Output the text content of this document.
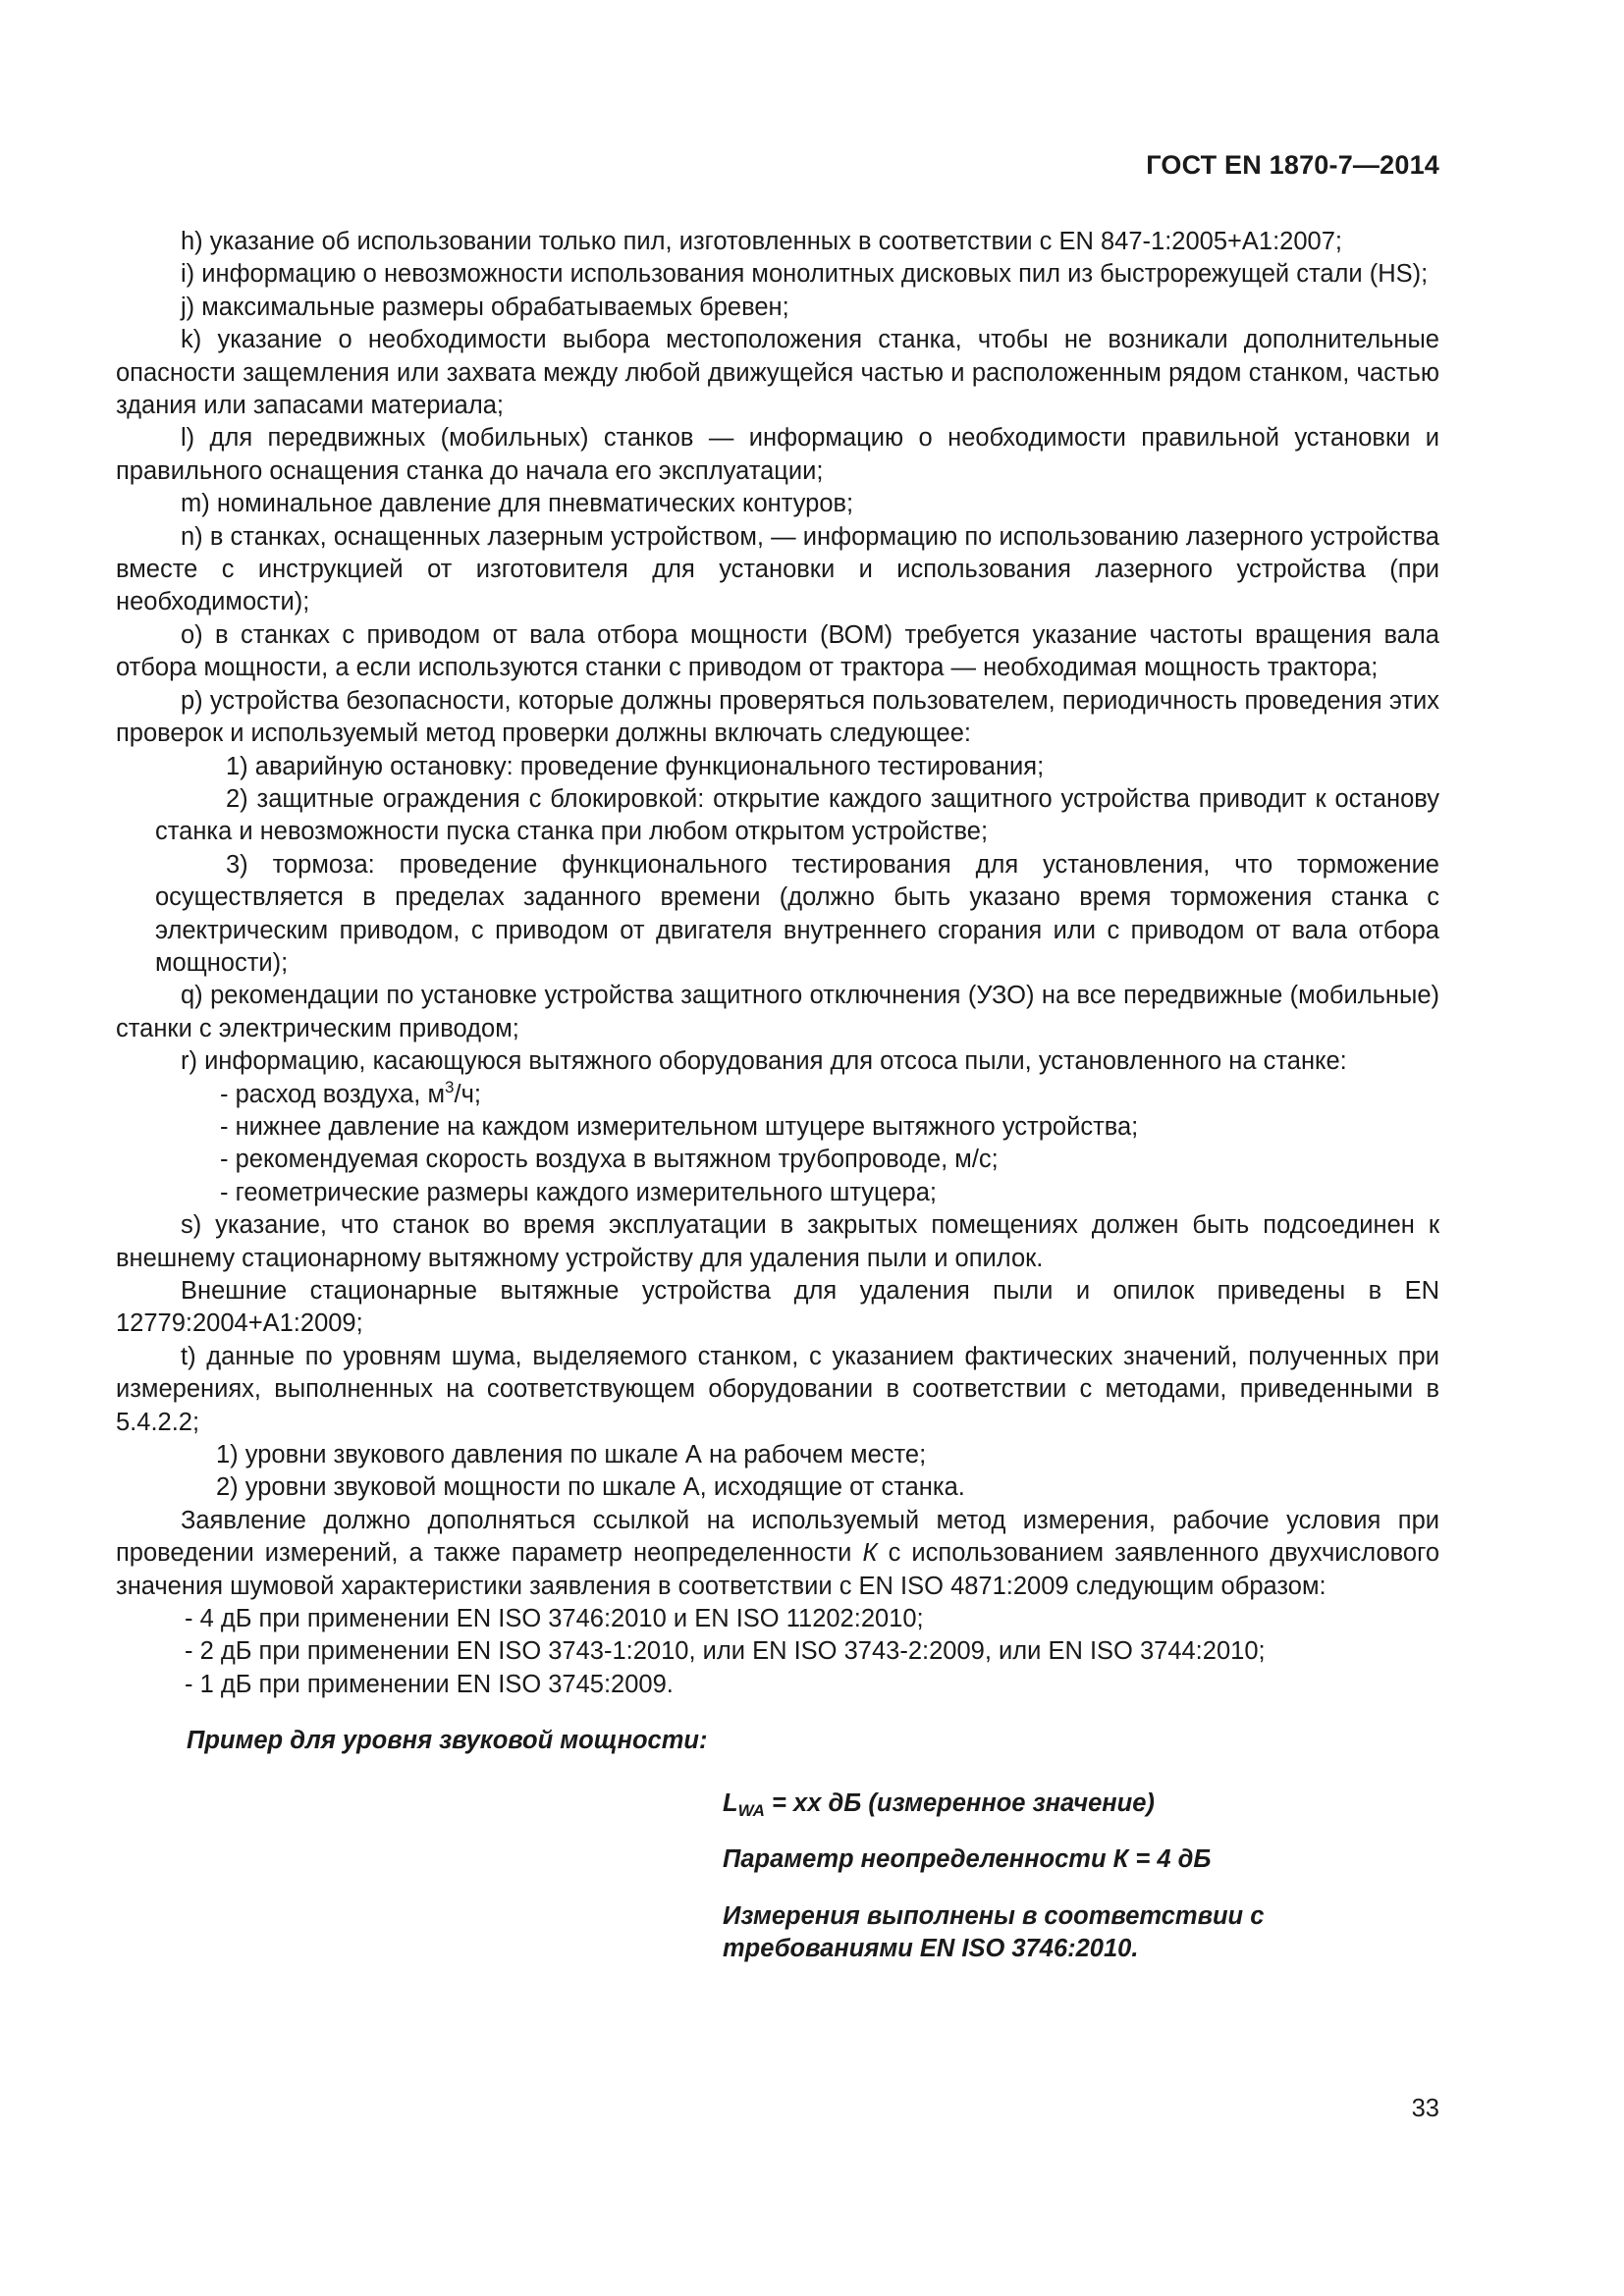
ГОСТ EN 1870-7—2014

h) указание об использовании только пил, изготовленных в соответствии с EN 847-1:2005+А1:2007;

i) информацию о невозможности использования монолитных дисковых пил из быстрорежущей стали (HS);

j) максимальные размеры обрабатываемых бревен;

k) указание о необходимости выбора местоположения станка, чтобы не возникали дополнительные опасности защемления или захвата между любой движущейся частью и расположенным рядом станком, частью здания или запасами материала;

l) для передвижных (мобильных) станков — информацию о необходимости правильной установки и правильного оснащения станка до начала его эксплуатации;

m) номинальное давление для пневматических контуров;

n) в станках, оснащенных лазерным устройством, — информацию по использованию лазерного устройства вместе с инструкцией от изготовителя для установки и использования лазерного устройства (при необходимости);

o) в станках с приводом от вала отбора мощности (ВОМ) требуется указание частоты вращения вала отбора мощности, а если используются станки с приводом от трактора — необходимая мощность трактора;

p) устройства безопасности, которые должны проверяться пользователем, периодичность проведения этих проверок и используемый метод проверки должны включать следующее:

1) аварийную остановку: проведение функционального тестирования;

2) защитные ограждения с блокировкой: открытие каждого защитного устройства приводит к останову станка и невозможности пуска станка при любом открытом устройстве;

3) тормоза: проведение функционального тестирования для установления, что торможение осуществляется в пределах заданного времени (должно быть указано время торможения станка с электрическим приводом, с приводом от двигателя внутреннего сгорания или с приводом от вала отбора мощности);

q) рекомендации по установке устройства защитного отключнения (УЗО) на все передвижные (мобильные) станки с электрическим приводом;

r) информацию, касающуюся вытяжного оборудования для отсоса пыли, установленного на станке:

- расход воздуха, $м^3/ч$;

- нижнее давление на каждом измерительном штуцере вытяжного устройства;

- рекомендуемая скорость воздуха в вытяжном трубопроводе, м/с;

- геометрические размеры каждого измерительного штуцера;

s) указание, что станок во время эксплуатации в закрытых помещениях должен быть подсоединен к внешнему стационарному вытяжному устройству для удаления пыли и опилок.

Внешние стационарные вытяжные устройства для удаления пыли и опилок приведены в EN 12779:2004+А1:2009;

t) данные по уровням шума, выделяемого станком, с указанием фактических значений, полученных при измерениях, выполненных на соответствующем оборудовании в соответствии с методами, приведенными в 5.4.2.2;

1) уровни звукового давления по шкале А на рабочем месте;

2) уровни звуковой мощности по шкале А, исходящие от станка.

Заявление должно дополняться ссылкой на используемый метод измерения, рабочие условия при проведении измерений, а также параметр неопределенности К с использованием заявленного двухчислового значения шумовой характеристики заявления в соответствии с EN ISO 4871:2009 следующим образом:

- 4 дБ при применении EN ISO 3746:2010 и EN ISO 11202:2010;

- 2 дБ при применении EN ISO 3743-1:2010, или EN ISO 3743-2:2009, или EN ISO 3744:2010;

- 1 дБ при применении EN ISO 3745:2009.

Пример для уровня звуковой мощности:

$L_{WA}$ = хх дБ (измеренное значение)
Параметр неопределенности К = 4 дБ
Измерения выполнены в соответствии с требованиями EN ISO 3746:2010.
33
